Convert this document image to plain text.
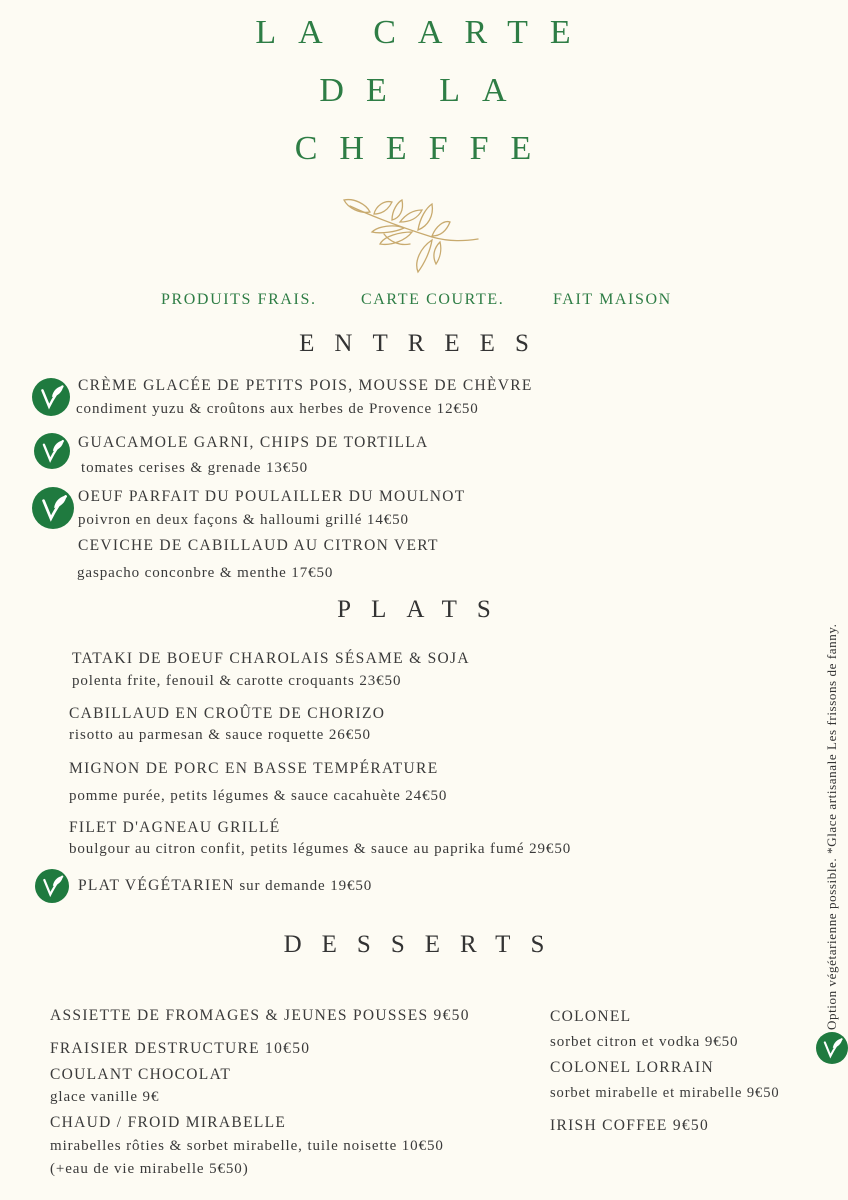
LA CARTE
DE LA
CHEFFE
PRODUITS FRAIS.	CARTE COURTE.	FAIT MAISON
ENTREES
CRÈME GLACÉE DE PETITS POIS, MOUSSE DE CHÈVRE
condiment yuzu & croûtons aux herbes de Provence 12€50
GUACAMOLE GARNI, CHIPS DE TORTILLA
tomates cerises & grenade 13€50
OEUF PARFAIT DU POULAILLER DU MOULNOT
poivron en deux façons & halloumi grillé 14€50
CEVICHE DE CABILLAUD AU CITRON VERT
gaspacho conconbre & menthe 17€50
PLATS
TATAKI DE BOEUF CHAROLAIS SÉSAME & SOJA
polenta frite, fenouil & carotte croquants 23€50
CABILLAUD EN CROÛTE DE CHORIZO
risotto au parmesan & sauce roquette 26€50
MIGNON DE PORC EN BASSE TEMPÉRATURE
pomme purée, petits légumes & sauce cacahuète 24€50
FILET D'AGNEAU GRILLÉ
boulgour au citron confit, petits légumes & sauce au paprika fumé 29€50
PLAT VÉGÉTARIEN sur demande 19€50
DESSERTS
ASSIETTE DE FROMAGES & JEUNES POUSSES 9€50
FRAISIER DESTRUCTURE 10€50
COULANT CHOCOLAT
glace vanille 9€
CHAUD / FROID MIRABELLE
mirabelles rôties & sorbet mirabelle, tuile noisette 10€50
(+eau de vie mirabelle 5€50)
COLONEL
sorbet citron et vodka 9€50
COLONEL LORRAIN
sorbet mirabelle et mirabelle 9€50
IRISH COFFEE 9€50
Option végétarienne possible. *Glace artisanale Les frissons de fanny.
